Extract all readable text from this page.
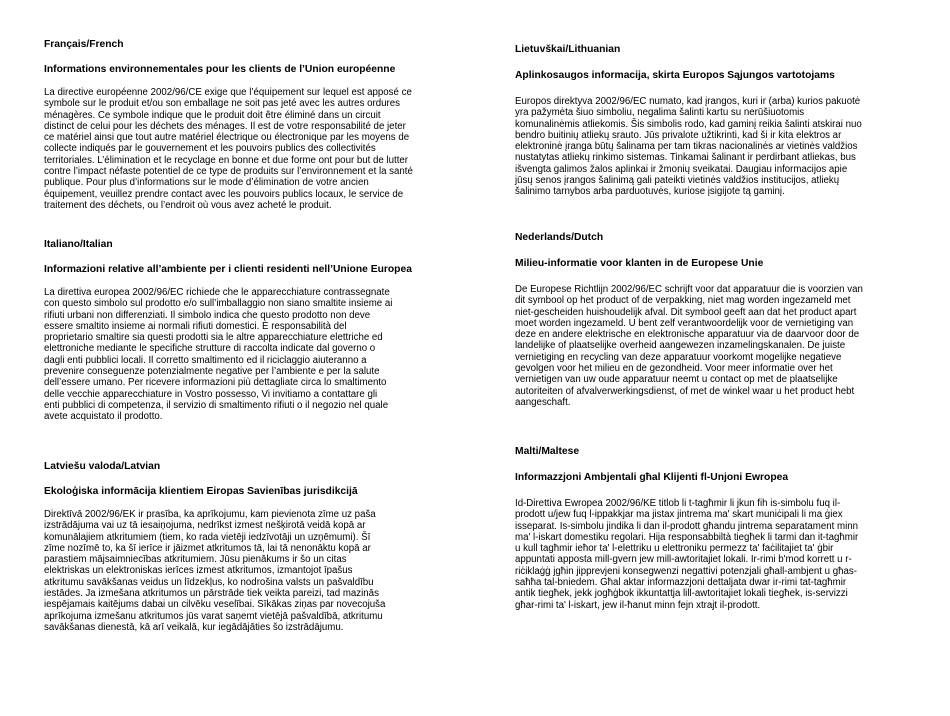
Français/French

Informations environnementales pour les clients de l’Union européenne

La directive européenne 2002/96/CE exige que l’équipement sur lequel est apposé ce
symbole sur le produit et/ou son emballage ne soit pas jeté avec les autres ordures
ménagères. Ce symbole indique que le produit doit être éliminé dans un circuit
distinct de celui pour les déchets des ménages. Il est de votre responsabilité de jeter
ce matériel ainsi que tout autre matériel électrique ou électronique par les moyens de
collecte indiqués par le gouvernement et les pouvoirs publics des collectivités
territoriales. L’élimination et le recyclage en bonne et due forme ont pour but de lutter
contre l’impact néfaste potentiel de ce type de produits sur l’environnement et la santé
publique. Pour plus d’informations sur le mode d’élimination de votre ancien
équipement, veuillez prendre contact avec les pouvoirs publics locaux, le service de
traitement des déchets, ou l’endroit où vous avez acheté le produit.

Italiano/Italian

Informazioni relative all’ambiente per i clienti residenti nell’Unione Europea

La direttiva europea 2002/96/EC richiede che le apparecchiature contrassegnate
con questo simbolo sul prodotto e/o sull’imballaggio non siano smaltite insieme ai
rifiuti urbani non differenziati. Il simbolo indica che questo prodotto non deve
essere smaltito insieme ai normali rifiuti domestici. È responsabilità del
proprietario smaltire sia questi prodotti sia le altre apparecchiature elettriche ed
elettroniche mediante le specifiche strutture di raccolta indicate dal governo o
dagli enti pubblici locali. Il corretto smaltimento ed il riciclaggio aiuteranno a
prevenire conseguenze potenzialmente negative per l’ambiente e per la salute
dell’essere umano. Per ricevere informazioni più dettagliate circa lo smaltimento
delle vecchie apparecchiature in Vostro possesso, Vi invitiamo a contattare gli
enti pubblici di competenza, il servizio di smaltimento rifiuti o il negozio nel quale
avete acquistato il prodotto.

Latviešu valoda/Latvian

Ekoloģiska informācija klientiem Eiropas Savienības jurisdikcijā

Direktīvā 2002/96/EK ir prasība, ka aprīkojumu, kam pievienota zīme uz paša
izstrādājuma vai uz tā iesaiņojuma, nedrīkst izmest nešķirotā veidā kopā ar
komunālajiem atkritumiem (tiem, ko rada vietēji iedzīvotāji un uzņēmumi). Šī
zīme nozīmē to, ka šī ierīce ir jāizmet atkritumos tā, lai tā nenonāktu kopā ar
parastiem mājsaimniecības atkritumiem. Jūsu pienākums ir šo un citas
elektriskas un elektroniskas ierīces izmest atkritumos, izmantojot īpašus
atkritumu savākšanas veidus un līdzekļus, ko nodrošina valsts un pašvaldību
iestādes. Ja izmešana atkritumos un pārstrāde tiek veikta pareizi, tad mazinās
iespējamais kaitējums dabai un cilvēku veselībai. Sīkākas ziņas par novecojuša
aprīkojuma izmešanu atkritumos jūs varat saņemt vietējā pašvaldībā, atkritumu
savākšanas dienestā, kā arī veikalā, kur iegādājāties šo izstrādājumu.

Lietuvškai/Lithuanian

Aplinkosaugos informacija, skirta Europos Sąjungos vartotojams

Europos direktyva 2002/96/EC numato, kad įrangos, kuri ir (arba) kurios pakuotė
yra pažymėta šiuo simboliu, negalima šalinti kartu su nerūšiuotomis
komunalinėmis atliekomis. Šis simbolis rodo, kad gaminį reikia šalinti atskirai nuo
bendro buitinių atliekų srauto. Jūs privalote užtikrinti, kad ši ir kita elektros ar
elektroninė įranga būtų šalinama per tam tikras nacionalinės ar vietinės valdžios
nustatytas atliekų rinkimo sistemas. Tinkamai šalinant ir perdirbant atliekas, bus
išvengta galimos žalos aplinkai ir žmonių sveikatai. Daugiau informacijos apie
jūsų senos įrangos šalinimą gali pateikti vietinės valdžios institucijos, atliekų
šalinimo tarnybos arba parduotuvės, kuriose įsigijote tą gaminį.

Nederlands/Dutch

Milieu-informatie voor klanten in de Europese Unie

De Europese Richtlijn 2002/96/EC schrijft voor dat apparatuur die is voorzien van
dit symbool op het product of de verpakking, niet mag worden ingezameld met
niet-gescheiden huishoudelijk afval. Dit symbool geeft aan dat het product apart
moet worden ingezameld. U bent zelf verantwoordelijk voor de vernietiging van
deze en andere elektrische en elektronische apparatuur via de daarvoor door de
landelijke of plaatselijke overheid aangewezen inzamelingskanalen. De juiste
vernietiging en recycling van deze apparatuur voorkomt mogelijke negatieve
gevolgen voor het milieu en de gezondheid. Voor meer informatie over het
vernietigen van uw oude apparatuur neemt u contact op met de plaatselijke
autoriteiten of afvalverwerkingsdienst, of met de winkel waar u het product hebt
aangeschaft.

Malti/Maltese

Informazzjoni Ambjentali għal Klijenti fl-Unjoni Ewropea

Id-Direttiva Ewropea 2002/96/KE titlob li t-tagħmir li jkun fih is-simbolu fuq il-
prodott u/jew fuq l-ippakkjar ma jistax jintrema ma' skart muniċipali li ma ġiex
isseparat. Is-simbolu jindika li dan il-prodott għandu jintrema separatament minn
ma' l-iskart domestiku regolari. Hija responsabbiltà tiegħek li tarmi dan it-tagħmir
u kull tagħmir ieħor ta' l-elettriku u elettroniku permezz ta' faċilitajiet ta' ġbir
appuntati apposta mill-gvern jew mill-awtoritajiet lokali. Ir-rimi b'mod korrett u r-
riċiklaġġ jgħin jipprevjeni konsegwenzi negattivi potenzjali għall-ambjent u għas-
saħħa tal-bniedem. Għal aktar informazzjoni dettaljata dwar ir-rimi tat-tagħmir
antik tiegħek, jekk jogħġbok ikkuntattja lill-awtoritajiet lokali tiegħek, is-servizzi
għar-rimi ta' l-iskart, jew il-ħanut minn fejn xtrajt il-prodott.
